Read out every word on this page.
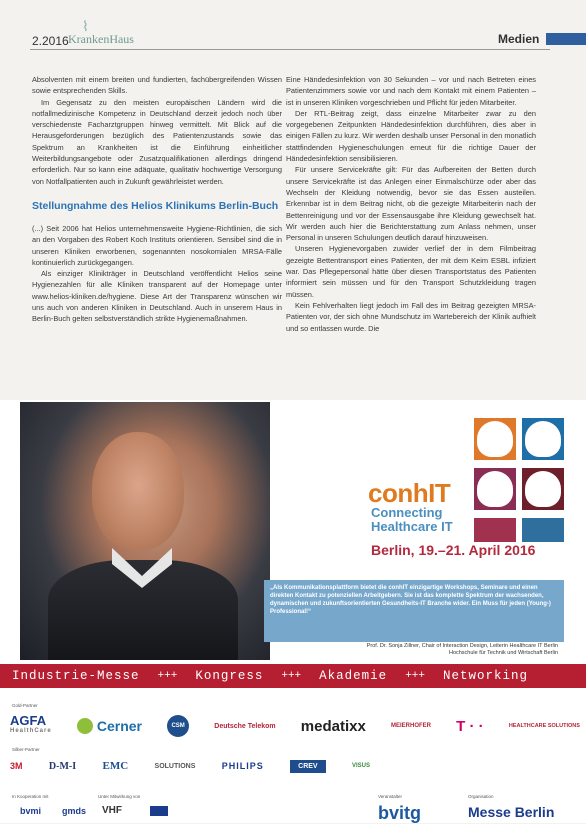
2.2016
⌇
KrankenHaus	Medien

Absolventen mit einem breiten und fundierten, fachübergreifenden Wissen sowie entsprechenden Skills.

Im Gegensatz zu den meisten europäischen Ländern wird die notfallmedizinische Kompetenz in Deutschland derzeit jedoch noch über verschiedenste Facharztgruppen hinweg vermittelt. Mit Blick auf die Herausgeforderungen bezüglich des Patientenzustands sowie das Spektrum an Krankheiten ist die Einführung einheitlicher Weiterbildungsangebote oder Zusatzqualifikationen allerdings dringend erforderlich. Nur so kann eine adäquate, qualitativ hochwertige Versorgung von Notfallpatienten auch in Zukunft gewährleistet werden.

Stellungnahme des Helios Klinikums Berlin-Buch

(...) Seit 2006 hat Helios unternehmensweite Hygiene-Richtlinien, die sich an den Vorgaben des Robert Koch Instituts orientieren. Sensibel sind die in unseren Kliniken erworbenen, sogenannten nosokomialen MRSA-Fälle kontinuierlich zurückgegangen.

Als einziger Klinikträger in Deutschland veröffentlicht Helios seine Hygienezahlen für alle Kliniken transparent auf der Homepage unter www.helios-kliniken.de/hygiene. Diese Art der Transparenz wünschen wir uns auch von anderen Kliniken in Deutschland. Auch in unserem Haus in Berlin-Buch gelten selbstverständlich strikte Hygienemaßnahmen.

Eine Händedesinfektion von 30 Sekunden – vor und nach Betreten eines Patientenzimmers sowie vor und nach dem Kontakt mit einem Patienten – ist in unseren Kliniken vorgeschrieben und Pflicht für jeden Mitarbeiter.

Der RTL-Beitrag zeigt, dass einzelne Mitarbeiter zwar zu den vorgegebenen Zeitpunkten Händedesinfektion durchführen, dies aber in einigen Fällen zu kurz. Wir werden deshalb unser Personal in den monatlich stattfindenden Hygieneschulungen erneut für die richtige Dauer der Händedesinfektion sensibilisieren.

Für unsere Servicekräfte gilt: Für das Aufbereiten der Betten durch unsere Servicekräfte ist das Anlegen einer Einmalschürze oder aber das Wechseln der Kleidung notwendig, bevor sie das Essen austeilen. Erkennbar ist in dem Beitrag nicht, ob die gezeigte Mitarbeiterin nach der Bettenreinigung und vor der Essensausgabe ihre Kleidung gewechselt hat. Wir werden auch hier die Berichterstattung zum Anlass nehmen, unser Personal in unseren Schulungen deutlich darauf hinzuweisen.

Unseren Hygienevorgaben zuwider verlief der in dem Filmbeitrag gezeigte Bettentransport eines Patienten, der mit dem Keim ESBL infiziert war. Das Pflegepersonal hätte über diesen Transportstatus des Patienten informiert sein müssen und für den Transport Schutzkleidung tragen müssen.

Kein Fehlverhalten liegt jedoch im Fall des im Beitrag gezeigten MRSA-Patienten vor, der sich ohne Mundschutz im Wartebereich der Klinik aufhielt und so entlassen wurde. Die

conhIT
Connecting
Healthcare IT
Berlin, 19.–21. April 2016
„Als Kommunikationsplattform bietet die conhIT einzigartige Workshops, Seminare und einen direkten Kontakt zu potenziellen Arbeitgebern. Sie ist das komplette Spektrum der wachsenden, dynamischen und zukunftsorientierten Gesundheits-IT Branche wider. Ein Muss für jeden (Young-) Professional!“
Prof. Dr. Sonja Zillner, Chair of Interaction Design, Leiterin Healthcare IT Berlin
Hochschule für Technik und Wirtschaft Berlin
Industrie-Messe +++ Kongress +++ Akademie +++ Networking
Gold-Partner
AGFA
HealthCare	Cerner	CSM	Deutsche Telekom medatixx	MEIERHOFER T · ·	HEALTHCARE SOLUTIONS
Silber-Partner
3M	D-M-I EMC	SOLUTIONS	PHILIPS	CREV	VISUS
In Kooperation mit	Unter Mitwirkung von	Veranstalter	Organisation
bvmi gmds VHF	bvitg	Messe Berlin
